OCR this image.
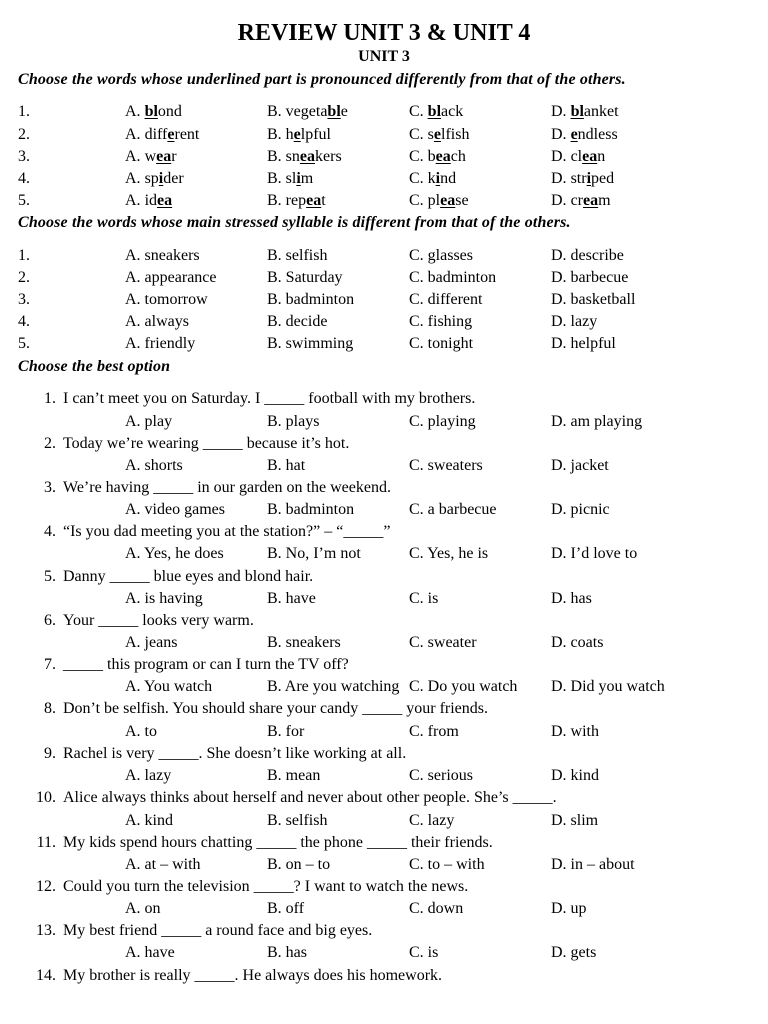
REVIEW UNIT 3 & UNIT 4
UNIT 3
Choose the words whose underlined part is pronounced differently from that of the others.
1.	A. blond	B. vegetable	C. black	D. blanket
2.	A. different	B. helpful	C. selfish	D. endless
3.	A. wear	B. sneakers	C. beach	D. clean
4.	A. spider	B. slim	C. kind	D. striped
5.	A. idea	B. repeat	C. please	D. cream
Choose the words whose main stressed syllable is different from that of the others.
1.	A. sneakers	B. selfish	C. glasses	D. describe
2.	A. appearance	B. Saturday	C. badminton	D. barbecue
3.	A. tomorrow	B. badminton	C. different	D. basketball
4.	A. always	B. decide	C. fishing	D. lazy
5.	A. friendly	B. swimming	C. tonight	D. helpful
Choose the best option
1. I can’t meet you on Saturday. I _____ football with my brothers.
A. play	B. plays	C. playing	D. am playing
2. Today we’re wearing _____ because it’s hot.
A. shorts	B. hat	C. sweaters	D. jacket
3. We’re having _____ in our garden on the weekend.
A. video games	B. badminton	C. a barbecue	D. picnic
4. “Is you dad meeting you at the station?” – “_____”
A. Yes, he does	B. No, I’m not	C. Yes, he is	D. I’d love to
5. Danny _____ blue eyes and blond hair.
A. is having	B. have	C. is	D. has
6. Your _____ looks very warm.
A. jeans	B. sneakers	C. sweater	D. coats
7. _____ this program or can I turn the TV off?
A. You watch	B. Are you watching C. Do you watch D. Did you watch
8. Don’t be selfish. You should share your candy _____ your friends.
A. to	B. for	C. from	D. with
9. Rachel is very _____. She doesn’t like working at all.
A. lazy	B. mean	C. serious	D. kind
10. Alice always thinks about herself and never about other people. She’s _____.
A. kind	B. selfish	C. lazy	D. slim
11. My kids spend hours chatting _____ the phone _____ their friends.
A. at – with	B. on – to	C. to – with	D. in – about
12. Could you turn the television _____? I want to watch the news.
A. on	B. off	C. down	D. up
13. My best friend _____ a round face and big eyes.
A. have	B. has	C. is	D. gets
14. My brother is really _____. He always does his homework.
